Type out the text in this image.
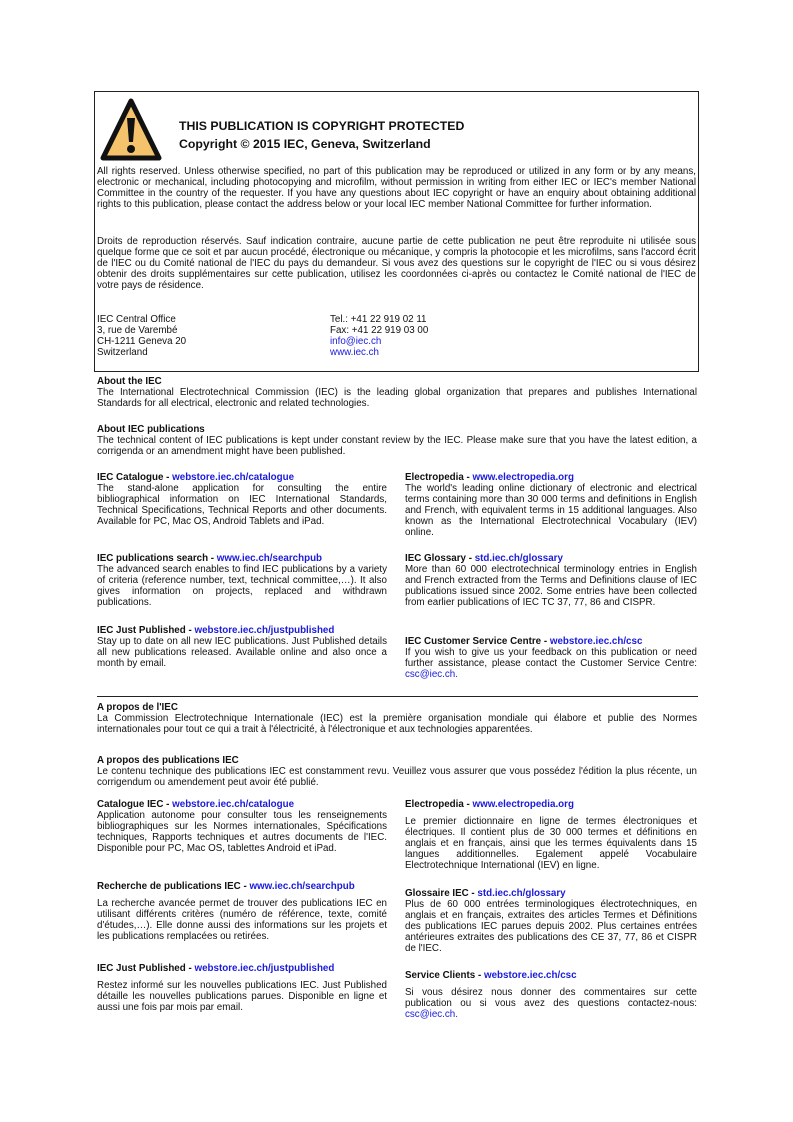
THIS PUBLICATION IS COPYRIGHT PROTECTED
Copyright © 2015 IEC, Geneva, Switzerland

All rights reserved. Unless otherwise specified, no part of this publication may be reproduced or utilized in any form or by any means, electronic or mechanical, including photocopying and microfilm, without permission in writing from either IEC or IEC's member National Committee in the country of the requester. If you have any questions about IEC copyright or have an enquiry about obtaining additional rights to this publication, please contact the address below or your local IEC member National Committee for further information.

Droits de reproduction réservés. Sauf indication contraire, aucune partie de cette publication ne peut être reproduite ni utilisée sous quelque forme que ce soit et par aucun procédé, électronique ou mécanique, y compris la photocopie et les microfilms, sans l'accord écrit de l'IEC ou du Comité national de l'IEC du pays du demandeur. Si vous avez des questions sur le copyright de l'IEC ou si vous désirez obtenir des droits supplémentaires sur cette publication, utilisez les coordonnées ci-après ou contactez le Comité national de l'IEC de votre pays de résidence.

IEC Central Office
3, rue de Varembé
CH-1211 Geneva 20
Switzerland
Tel.: +41 22 919 02 11
Fax: +41 22 919 03 00
info@iec.ch
www.iec.ch
About the IEC

The International Electrotechnical Commission (IEC) is the leading global organization that prepares and publishes International Standards for all electrical, electronic and related technologies.

About IEC publications

The technical content of IEC publications is kept under constant review by the IEC. Please make sure that you have the latest edition, a corrigenda or an amendment might have been published.

IEC Catalogue - webstore.iec.ch/catalogue

The stand-alone application for consulting the entire bibliographical information on IEC International Standards, Technical Specifications, Technical Reports and other documents. Available for PC, Mac OS, Android Tablets and iPad.

IEC publications search - www.iec.ch/searchpub

The advanced search enables to find IEC publications by a variety of criteria (reference number, text, technical committee,…). It also gives information on projects, replaced and withdrawn publications.

IEC Just Published - webstore.iec.ch/justpublished

Stay up to date on all new IEC publications. Just Published details all new publications released. Available online and also once a month by email.

Electropedia - www.electropedia.org

The world's leading online dictionary of electronic and electrical terms containing more than 30 000 terms and definitions in English and French, with equivalent terms in 15 additional languages. Also known as the International Electrotechnical Vocabulary (IEV) online.

IEC Glossary - std.iec.ch/glossary

More than 60 000 electrotechnical terminology entries in English and French extracted from the Terms and Definitions clause of IEC publications issued since 2002. Some entries have been collected from earlier publications of IEC TC 37, 77, 86 and CISPR.

IEC Customer Service Centre - webstore.iec.ch/csc

If you wish to give us your feedback on this publication or need further assistance, please contact the Customer Service Centre: csc@iec.ch.

A propos de l'IEC

La Commission Electrotechnique Internationale (IEC) est la première organisation mondiale qui élabore et publie des Normes internationales pour tout ce qui a trait à l'électricité, à l'électronique et aux technologies apparentées.

A propos des publications IEC

Le contenu technique des publications IEC est constamment revu. Veuillez vous assurer que vous possédez l'édition la plus récente, un corrigendum ou amendement peut avoir été publié.

Catalogue IEC - webstore.iec.ch/catalogue

Application autonome pour consulter tous les renseignements bibliographiques sur les Normes internationales, Spécifications techniques, Rapports techniques et autres documents de l'IEC. Disponible pour PC, Mac OS, tablettes Android et iPad.

Recherche de publications IEC - www.iec.ch/searchpub

La recherche avancée permet de trouver des publications IEC en utilisant différents critères (numéro de référence, texte, comité d'études,…). Elle donne aussi des informations sur les projets et les publications remplacées ou retirées.

IEC Just Published - webstore.iec.ch/justpublished

Restez informé sur les nouvelles publications IEC. Just Published détaille les nouvelles publications parues. Disponible en ligne et aussi une fois par mois par email.

Electropedia - www.electropedia.org

Le premier dictionnaire en ligne de termes électroniques et électriques. Il contient plus de 30 000 termes et définitions en anglais et en français, ainsi que les termes équivalents dans 15 langues additionnelles. Egalement appelé Vocabulaire Electrotechnique International (IEV) en ligne.

Glossaire IEC - std.iec.ch/glossary

Plus de 60 000 entrées terminologiques électrotechniques, en anglais et en français, extraites des articles Termes et Définitions des publications IEC parues depuis 2002. Plus certaines entrées antérieures extraites des publications des CE 37, 77, 86 et CISPR de l'IEC.

Service Clients - webstore.iec.ch/csc

Si vous désirez nous donner des commentaires sur cette publication ou si vous avez des questions contactez-nous: csc@iec.ch.
